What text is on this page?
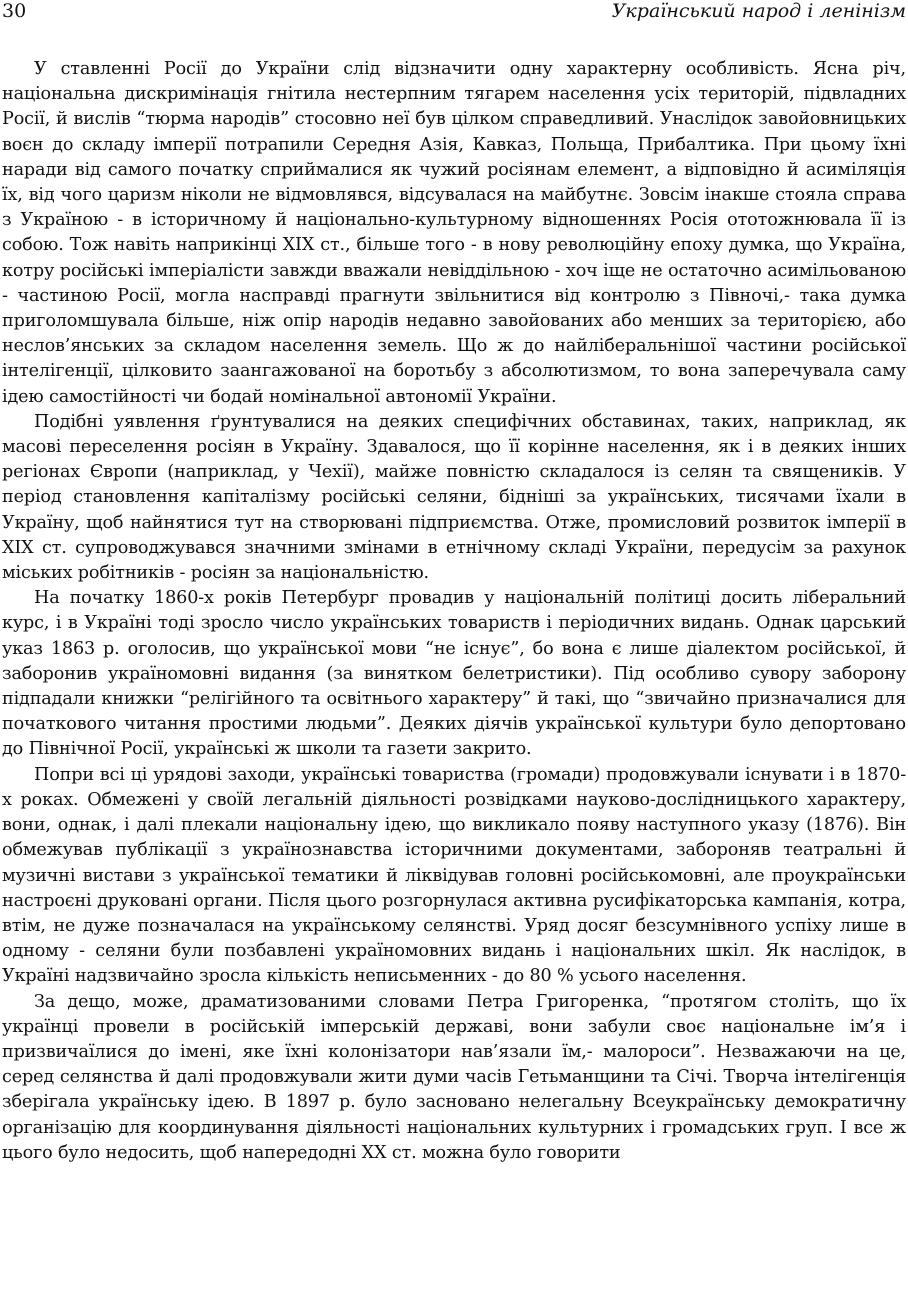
30	Український народ і ленінізм

У ставленні Росії до України слід відзначити одну характерну особливість. Ясна річ, національна дискримінація гнітила нестерпним тягарем населення усіх територій, підвладних Росії, й вислів “тюрма народів” стосовно неї був цілком справедливий. Унаслідок завойовницьких воєн до складу імперії потрапили Середня Азія, Кавказ, Польща, Прибалтика. При цьому їхні наради від самого початку сприймалися як чужий росіянам елемент, а відповідно й асиміляція їх, від чого царизм ніколи не відмовлявся, відсувалася на майбутнє. Зовсім інакше стояла справа з Україною - в історичному й національно-культурному відношеннях Росія ототожнювала її із собою. Тож навіть наприкінці XIX ст., більше того - в нову революційну епоху думка, що Україна, котру російські імперіалісти завжди вважали невіддільною - хоч іще не остаточно асимільованою - частиною Росії, могла насправді прагнути звільнитися від контролю з Півночі,- така думка приголомшувала більше, ніж опір народів недавно завойованих або менших за територією, або неслов’янських за складом населення земель. Що ж до найліберальнішої частини російської інтелігенції, цілковито заангажованої на боротьбу з абсолютизмом, то вона заперечувала саму ідею самостійності чи бодай номінальної автономії України.

Подібні уявлення ґрунтувалися на деяких специфічних обставинах, таких, наприклад, як масові переселення росіян в Україну. Здавалося, що її корінне населення, як і в деяких інших регіонах Європи (наприклад, у Чехії), майже повністю складалося із селян та священиків. У період становлення капіталізму російські селяни, бідніші за українських, тисячами їхали в Україну, щоб найнятися тут на створювані підприємства. Отже, промисловий розвиток імперії в XIX ст. супроводжувався значними змінами в етнічному складі України, передусім за рахунок міських робітників - росіян за національністю.

На початку 1860-х років Петербург провадив у національній політиці досить ліберальний курс, і в Україні тоді зросло число українських товариств і періодичних видань. Однак царський указ 1863 р. оголосив, що української мови “не існує”, бо вона є лише діалектом російської, й заборонив україномовні видання (за винятком белетристики). Під особливо сувору заборону підпадали книжки “релігійного та освітнього характеру” й такі, що “звичайно призначалися для початкового читання простими людьми”. Деяких діячів української культури було депортовано до Північної Росії, українські ж школи та газети закрито.

Попри всі ці урядові заходи, українські товариства (громади) продовжували існувати і в 1870-х роках. Обмежені у своїй легальній діяльності розвідками науково-дослідницького характеру, вони, однак, і далі плекали національну ідею, що викликало появу наступного указу (1876). Він обмежував публікації з українознавства історичними документами, забороняв театральні й музичні вистави з української тематики й ліквідував головні російськомовні, але проукраїнськи настроєні друковані органи. Після цього розгорнулася активна русифікаторська кампанія, котра, втім, не дуже позначалася на українському селянстві. Уряд досяг безсумнівного успіху лише в одному - селяни були позбавлені україномовних видань і національних шкіл. Як наслідок, в Україні надзвичайно зросла кількість неписьменних - до 80 % усього населення.

За дещо, може, драматизованими словами Петра Григоренка, “протягом століть, що їх українці провели в російській імперській державі, вони забули своє національне ім’я і призвичаїлися до імені, яке їхні колонізатори нав’язали їм,- малороси”. Незважаючи на це, серед селянства й далі продовжували жити думи часів Гетьманщини та Січі. Творча інтелігенція зберігала українську ідею. В 1897 р. було засновано нелегальну Всеукраїнську демократичну організацію для координування діяльності національних культурних і громадських груп. І все ж цього було недосить, щоб напередодні XX ст. можна було говорити
